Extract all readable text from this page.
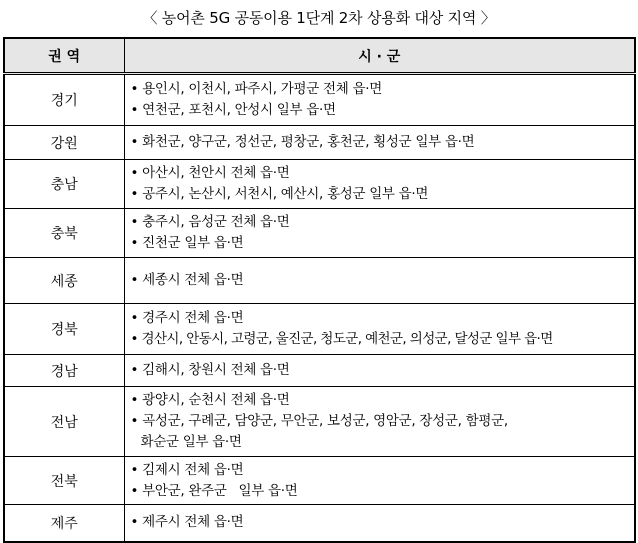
〈 농어촌 5G 공동이용 1단계 2차 상용화 대상 지역 〉
권 역	시 · 군
경기	• 용인시, 이천시, 파주시, 가평군 전체 읍·면
• 연천군, 포천시, 안성시 일부 읍·면

강원	• 화천군, 양구군, 정선군, 평창군, 홍천군, 횡성군 일부 읍·면

충남	• 아산시, 천안시 전체 읍·면
• 공주시, 논산시, 서천시, 예산시, 홍성군 일부 읍·면

충북	• 충주시, 음성군 전체 읍·면
• 진천군 일부 읍·면

세종	• 세종시 전체 읍·면

경북	• 경주시 전체 읍·면
• 경산시, 안동시, 고령군, 울진군, 청도군, 예천군, 의성군, 달성군 일부 읍·면

경남	• 김해시, 창원시 전체 읍·면

전남	• 광양시, 순천시 전체 읍·면
• 곡성군, 구례군, 담양군, 무안군, 보성군, 영암군, 장성군, 함평군,
화순군 일부 읍·면

전북	• 김제시 전체 읍·면
• 부안군, 완주군   일부 읍·면

제주	• 제주시 전체 읍·면
